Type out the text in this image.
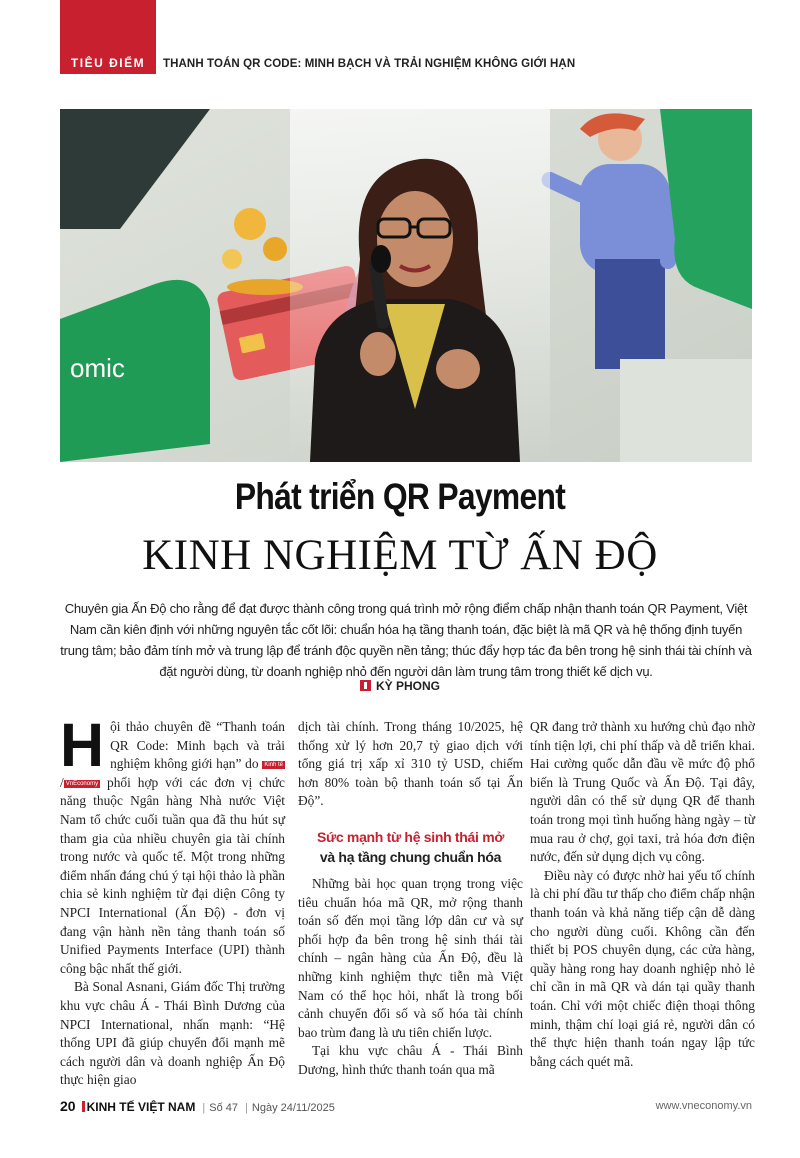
TIÊU ĐIỂM	THANH TOÁN QR CODE: MINH BẠCH VÀ TRẢI NGHIỆM KHÔNG GIỚI HẠN
omic
Phát triển QR Payment
KINH NGHIỆM TỪ ẤN ĐỘ
Chuyên gia Ấn Độ cho rằng để đạt được thành công trong quá trình mở rộng điểm chấp nhận thanh toán QR Payment, Việt Nam cần kiên định với những nguyên tắc cốt lõi: chuẩn hóa hạ tầng thanh toán, đặc biệt là mã QR và hệ thống định tuyến trung tâm; bảo đảm tính mở và trung lập để tránh độc quyền nền tảng; thúc đẩy hợp tác đa bên trong hệ sinh thái tài chính và đặt người dùng, từ doanh nghiệp nhỏ đến người dân làm trung tâm trong thiết kế dịch vụ.
KỲ PHONG

Hội thảo chuyên đề “Thanh toán QR Code: Minh bạch và trải nghiệm không giới hạn” do Kinh tế/ VnEconomy phối hợp với các đơn vị chức năng thuộc Ngân hàng Nhà nước Việt Nam tổ chức cuối tuần qua đã thu hút sự tham gia của nhiều chuyên gia tài chính trong nước và quốc tế. Một trong những điểm nhấn đáng chú ý tại hội thảo là phần chia sẻ kinh nghiệm từ đại diện Công ty NPCI International (Ấn Độ) - đơn vị đang vận hành nền tảng thanh toán số Unified Payments Interface (UPI) thành công bậc nhất thế giới.

Bà Sonal Asnani, Giám đốc Thị trường khu vực châu Á - Thái Bình Dương của NPCI International, nhấn mạnh: “Hệ thống UPI đã giúp chuyển đổi mạnh mẽ cách người dân và doanh nghiệp Ấn Độ thực hiện giao

dịch tài chính. Trong tháng 10/2025, hệ thống xử lý hơn 20,7 tỷ giao dịch với tổng giá trị xấp xỉ 310 tỷ USD, chiếm hơn 80% toàn bộ thanh toán số tại Ấn Độ”.

Sức mạnh từ hệ sinh thái mở
và hạ tầng chung chuẩn hóa

Những bài học quan trọng trong việc tiêu chuẩn hóa mã QR, mở rộng thanh toán số đến mọi tầng lớp dân cư và sự phối hợp đa bên trong hệ sinh thái tài chính – ngân hàng của Ấn Độ, đều là những kinh nghiệm thực tiễn mà Việt Nam có thể học hỏi, nhất là trong bối cảnh chuyển đổi số và số hóa tài chính bao trùm đang là ưu tiên chiến lược.

Tại khu vực châu Á - Thái Bình Dương, hình thức thanh toán qua mã

QR đang trở thành xu hướng chủ đạo nhờ tính tiện lợi, chi phí thấp và dễ triển khai. Hai cường quốc dẫn đầu về mức độ phổ biến là Trung Quốc và Ấn Độ. Tại đây, người dân có thể sử dụng QR để thanh toán trong mọi tình huống hàng ngày – từ mua rau ở chợ, gọi taxi, trả hóa đơn điện nước, đến sử dụng dịch vụ công.

Điều này có được nhờ hai yếu tố chính là chi phí đầu tư thấp cho điểm chấp nhận thanh toán và khả năng tiếp cận dễ dàng cho người dùng cuối. Không cần đến thiết bị POS chuyên dụng, các cửa hàng, quầy hàng rong hay doanh nghiệp nhỏ lẻ chỉ cần in mã QR và dán tại quầy thanh toán. Chỉ với một chiếc điện thoại thông minh, thậm chí loại giá rẻ, người dân có thể thực hiện thanh toán ngay lập tức bằng cách quét mã.

20 KINH TẾ VIỆT NAM | Số 47 | Ngày 24/11/2025	www.vneconomy.vn
